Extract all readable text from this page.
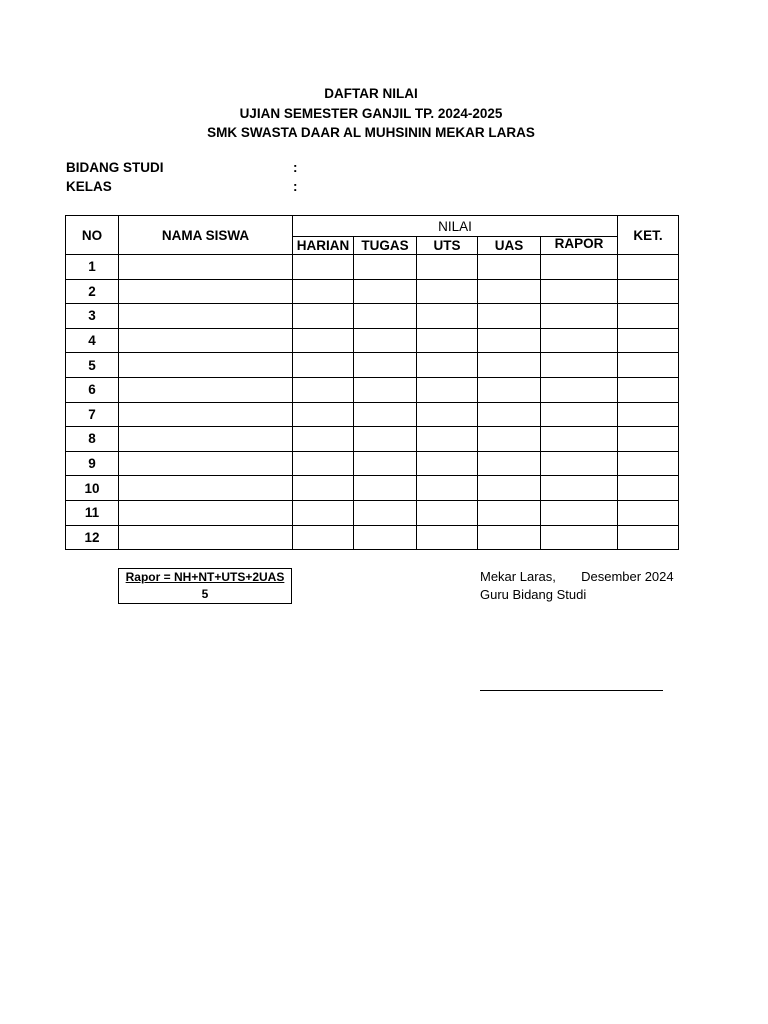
DAFTAR NILAI
UJIAN SEMESTER GANJIL TP. 2024-2025
SMK SWASTA DAAR AL MUHSININ MEKAR LARAS
BIDANG STUDI	:
KELAS	:
NO	NAMA SISWA	NILAI					KET.
		HARIAN	TUGAS	UTS	UAS	RAPOR	
1							
2							
3							
4							
5							
6							
7							
8							
9							
10							
11							
12							
Rapor = NH+NT+UTS+2UAS
5
Mekar Laras, Desember 2024
Guru Bidang Studi
